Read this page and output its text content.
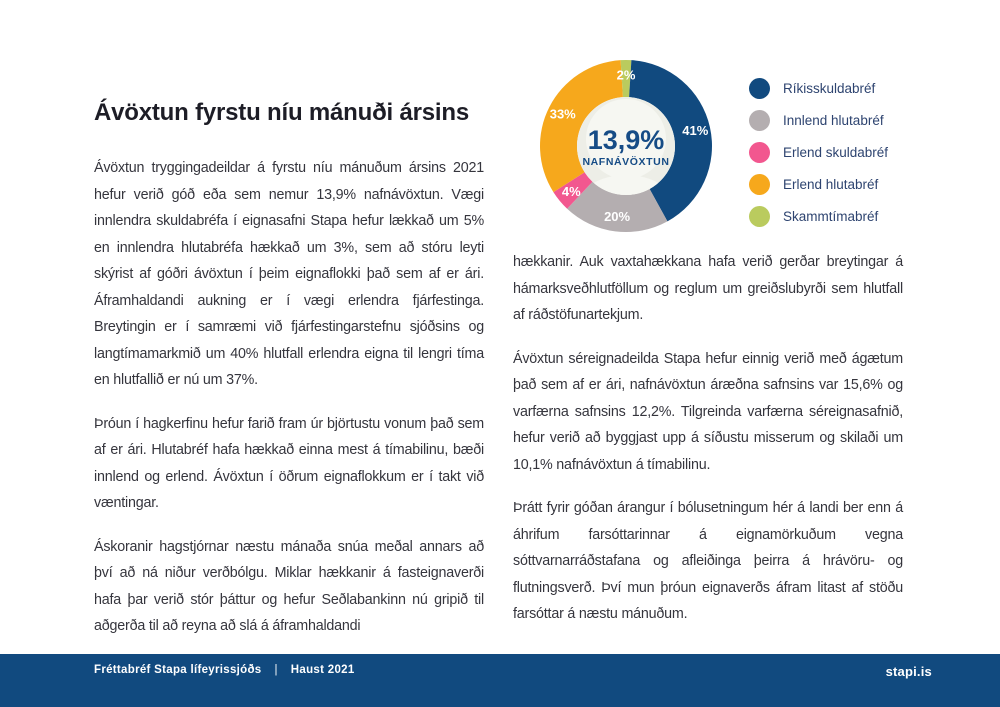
Ávöxtun fyrstu níu mánuði ársins

Ávöxtun tryggingadeildar á fyrstu níu mánuðum ársins 2021 hefur verið góð eða sem nemur 13,9% nafnávöxtun. Vægi innlendra skuldabréfa í eignasafni Stapa hefur lækkað um 5% en innlendra hlutabréfa hækkað um 3%, sem að stóru leyti skýrist af góðri ávöxtun í þeim eignaflokki það sem af er ári. Áframhaldandi aukning er í vægi erlendra fjárfestinga. Breytingin er í samræmi við fjárfestingarstefnu sjóðsins og langtímamarkmið um 40% hlutfall erlendra eigna til lengri tíma en hlutfallið er nú um 37%.

Þróun í hagkerfinu hefur farið fram úr björtustu vonum það sem af er ári. Hlutabréf hafa hækkað einna mest á tímabilinu, bæði innlend og erlend. Ávöxtun í öðrum eignaflokkum er í takt við væntingar.

Áskoranir hagstjórnar næstu mánaða snúa meðal annars að því að ná niður verðbólgu. Miklar hækkanir á fasteignaverði hafa þar verið stór þáttur og hefur Seðlabankinn nú gripið til aðgerða til að reyna að slá á áframhaldandi

13,9%
NAFNÁVÖXTUN
2%
41%
20%
4%
33%
Ríkisskuldabréf
Innlend hlutabréf
Erlend skuldabréf
Erlend hlutabréf
Skammtímabréf

hækkanir. Auk vaxtahækkana hafa verið gerðar breytingar á hámarksveðhlutföllum og reglum um greiðslubyrði sem hlutfall af ráðstöfunartekjum.

Ávöxtun séreignadeilda Stapa hefur einnig verið með ágætum það sem af er ári, nafnávöxtun áræðna safnsins var 15,6% og varfærna safnsins 12,2%. Tilgreinda varfærna séreignasafnið, hefur verið að byggjast upp á síðustu misserum og skilaði um 10,1% nafnávöxtun á tímabilinu.

Þrátt fyrir góðan árangur í bólusetningum hér á landi ber enn á áhrifum farsóttarinnar á eignamörkuðum vegna sóttvarnarráðstafana og afleiðinga þeirra á hrávöru- og flutningsverð. Því mun þróun eignaverðs áfram litast af stöðu farsóttar á næstu mánuðum.

Fréttabréf Stapa lífeyrissjóðs | Haust 2021	stapi.is
